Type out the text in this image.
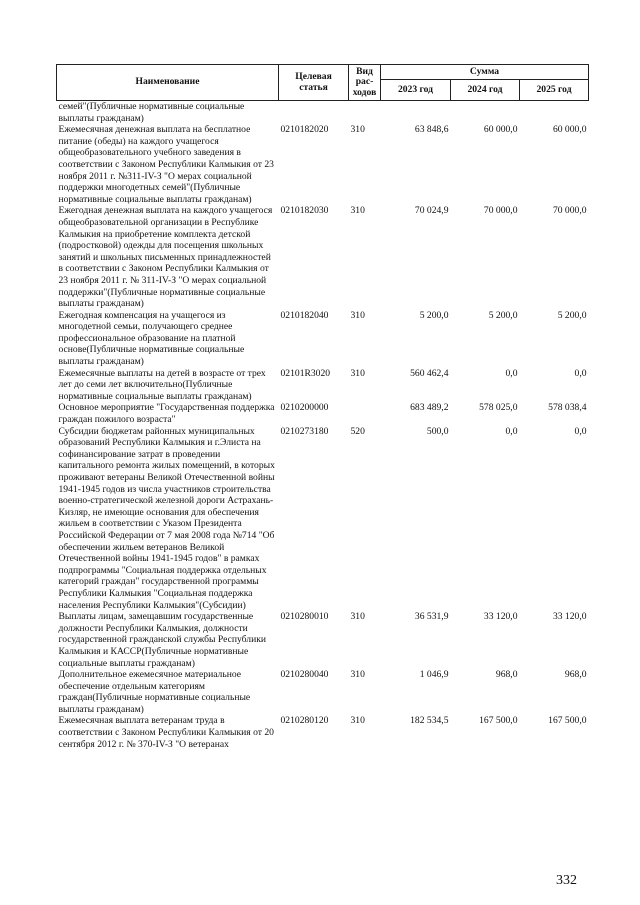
Наименование	Целевая статья	Вид рас-ходов	Сумма		
			2023 год	2024 год	2025 год
семей"(Публичные нормативные социальные выплаты гражданам)					
Ежемесячная денежная выплата на бесплатное питание (обеды) на каждого учащегося общеобразовательного учебного заведения в соответствии с Законом Республики Калмыкия от 23 ноября 2011 г. №311-IV-З "О мерах социальной поддержки многодетных семей"(Публичные нормативные социальные выплаты гражданам)	0210182020	310	63 848,6	60 000,0	60 000,0
Ежегодная денежная выплата на каждого учащегося общеобразовательной организации в Республике Калмыкия на приобретение комплекта детской (подростковой) одежды для посещения школьных занятий и школьных письменных принадлежностей в соответствии с Законом Республики Калмыкия от 23 ноября 2011 г. № 311-IV-З "О мерах социальной поддержки"(Публичные нормативные социальные выплаты гражданам)	0210182030	310	70 024,9	70 000,0	70 000,0
Ежегодная компенсация на учащегося из многодетной семьи, получающего среднее профессиональное образование на платной основе(Публичные нормативные социальные выплаты гражданам)	0210182040	310	5 200,0	5 200,0	5 200,0
Ежемесячные выплаты на детей в возрасте от трех лет до семи лет включительно(Публичные нормативные социальные выплаты гражданам)	02101R3020	310	560 462,4	0,0	0,0
Основное мероприятие "Государственная поддержка граждан пожилого возраста"	0210200000		683 489,2	578 025,0	578 038,4
Субсидии бюджетам районных муниципальных образований Республики Калмыкия и г.Элиста на софинансирование затрат в проведении капитального ремонта жилых помещений, в которых проживают ветераны Великой Отечественной войны 1941-1945 годов из числа участников строительства военно-стратегической железной дороги Астрахань-Кизляр, не имеющие основания для обеспечения жильем в соответствии с Указом Президента Российской Федерации от 7 мая 2008 года №714 "Об обеспечении жильем ветеранов Великой Отечественной войны 1941-1945 годов" в рамках подпрограммы "Социальная поддержка отдельных категорий граждан" государственной программы Республики Калмыкия "Социальная поддержка населения Республики Калмыкия"(Субсидии)	0210273180	520	500,0	0,0	0,0
Выплаты лицам, замещавшим государственные должности Республики Калмыкия, должности государственной гражданской службы Республики Калмыкия и КАССР(Публичные нормативные социальные выплаты гражданам)	0210280010	310	36 531,9	33 120,0	33 120,0
Дополнительное ежемесячное материальное обеспечение отдельным категориям граждан(Публичные нормативные социальные выплаты гражданам)	0210280040	310	1 046,9	968,0	968,0
Ежемесячная выплата ветеранам труда в соответствии с Законом Республики Калмыкия от 20 сентября 2012 г. № 370-IV-З "О ветеранах	0210280120	310	182 534,5	167 500,0	167 500,0
332
